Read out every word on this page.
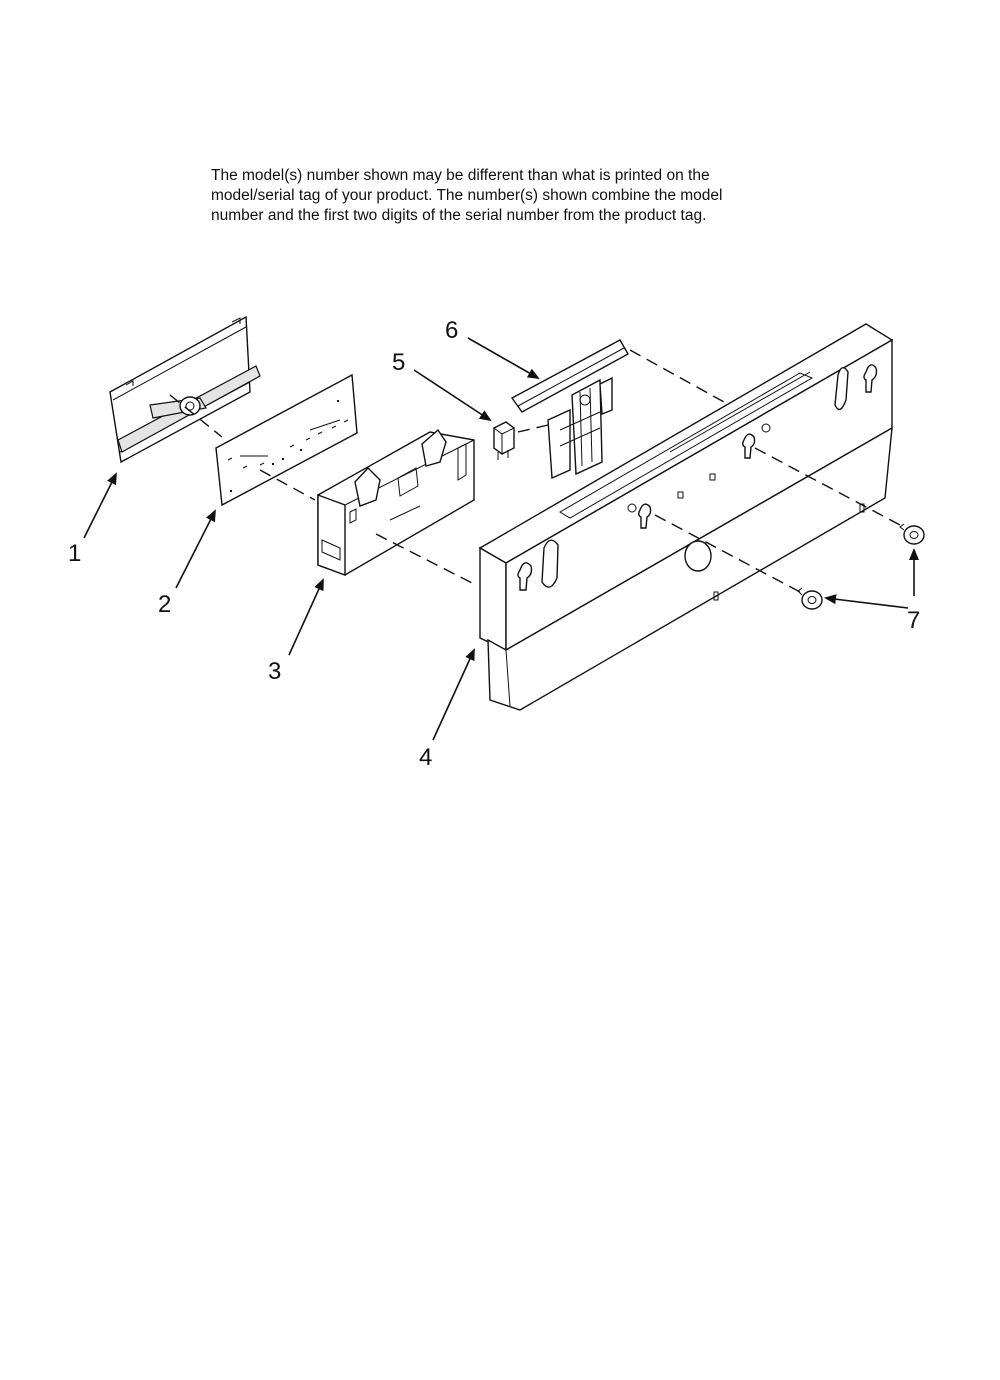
The model(s) number shown may be different than what is printed on the
model/serial tag of your product. The number(s) shown combine the model
number and the first two digits of the serial number from the product tag.

1
2
3
4
5
6
7
